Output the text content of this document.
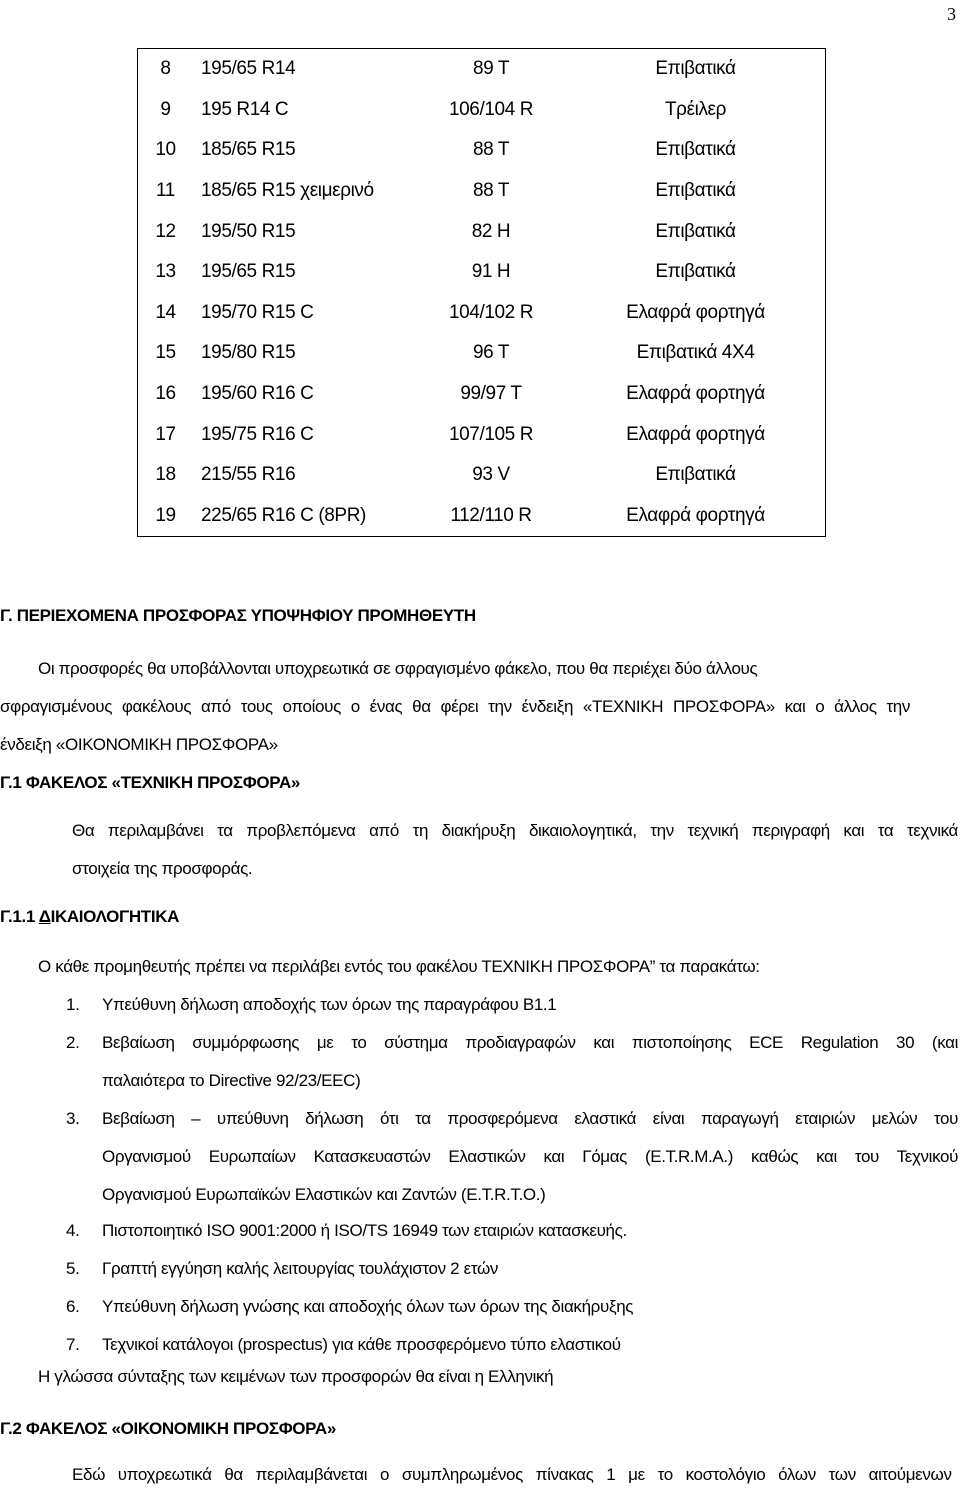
3
8	195/65 R14	89 T	Επιβατικά
9	195 R14 C	106/104 R	Τρέιλερ
10	185/65 R15	88 T	Επιβατικά
11	185/65 R15 χειμερινό	88 T	Επιβατικά
12	195/50 R15	82 H	Επιβατικά
13	195/65 R15	91 H	Επιβατικά
14	195/70 R15 C	104/102 R	Ελαφρά φορτηγά
15	195/80 R15	96 T	Επιβατικά 4X4
16	195/60 R16 C	99/97 T	Ελαφρά φορτηγά
17	195/75 R16 C	107/105 R	Ελαφρά φορτηγά
18	215/55 R16	93 V	Επιβατικά
19	225/65 R16 C (8PR)	112/110 R	Ελαφρά φορτηγά
Γ. ΠΕΡΙΕΧΟΜΕΝΑ ΠΡΟΣΦΟΡΑΣ ΥΠΟΨΗΦΙΟΥ ΠΡΟΜΗΘΕΥΤΗ
Οι προσφορές θα υποβάλλονται υποχρεωτικά σε σφραγισμένο φάκελο, που θα περιέχει δύο άλλους
σφραγισμένους φακέλους από τους οποίους ο ένας θα φέρει την ένδειξη «ΤΕΧΝΙΚΗ ΠΡΟΣΦΟΡΑ» και ο άλλος την
ένδειξη «ΟΙΚΟΝΟΜΙΚΗ ΠΡΟΣΦΟΡΑ»
Γ.1 ΦΑΚΕΛΟΣ «ΤΕΧΝΙΚΗ ΠΡΟΣΦΟΡΑ»
Θα περιλαμβάνει τα προβλεπόμενα από τη διακήρυξη δικαιολογητικά, την τεχνική περιγραφή και τα τεχνικά
στοιχεία της προσφοράς.
Γ.1.1 ΔΙΚΑΙΟΛΟΓΗΤΙΚΑ
Ο κάθε προμηθευτής πρέπει να περιλάβει εντός του φακέλου ΤΕΧΝΙΚΗ ΠΡΟΣΦΟΡΑ” τα παρακάτω:
1. Υπεύθυνη δήλωση αποδοχής των όρων της παραγράφου Β1.1
2. Βεβαίωση συμμόρφωσης με το σύστημα προδιαγραφών και πιστοποίησης ECE Regulation 30 (και
παλαιότερα το Directive 92/23/EEC)
3. Βεβαίωση – υπεύθυνη δήλωση ότι τα προσφερόμενα ελαστικά είναι παραγωγή εταιριών μελών του
Οργανισμού Ευρωπαίων Κατασκευαστών Ελαστικών και Γόμας (E.T.R.M.A.) καθώς και του Τεχνικού
Οργανισμού Ευρωπαϊκών Ελαστικών και Ζαντών (E.T.R.T.O.)
4. Πιστοποιητικό ISO 9001:2000 ή ISO/TS 16949 των εταιριών κατασκευής.
5. Γραπτή εγγύηση καλής λειτουργίας τουλάχιστον 2 ετών
6. Υπεύθυνη δήλωση γνώσης και αποδοχής όλων των όρων της διακήρυξης
7. Τεχνικοί κατάλογοι (prospectus) για κάθε προσφερόμενο τύπο ελαστικού
Η γλώσσα σύνταξης των κειμένων των προσφορών θα είναι η Ελληνική
Γ.2 ΦΑΚΕΛΟΣ «ΟΙΚΟΝΟΜΙΚΗ ΠΡΟΣΦΟΡΑ»
Εδώ υποχρεωτικά θα περιλαμβάνεται ο συμπληρωμένος πίνακας 1 με το κοστολόγιο όλων των αιτούμενων
